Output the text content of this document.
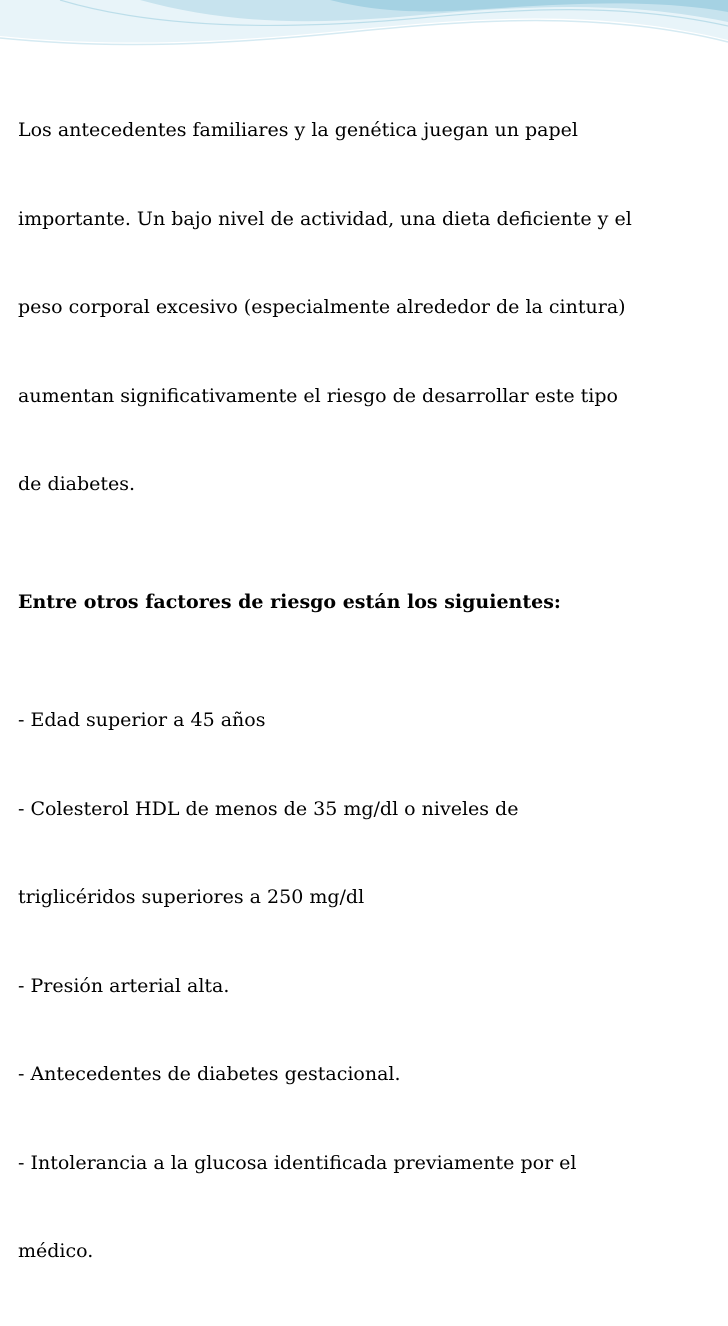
Los antecedentes familiares y la genética juegan un papel

importante. Un bajo nivel de actividad, una dieta deficiente y el

peso corporal excesivo (especialmente alrededor de la cintura)

aumentan significativamente el riesgo de desarrollar este tipo

de diabetes.

Entre otros factores de riesgo están los siguientes:

- Edad superior a 45 años

- Colesterol HDL de menos de 35 mg/dl o niveles de

triglicéridos superiores a 250 mg/dl

- Presión arterial alta.

- Antecedentes de diabetes gestacional.

- Intolerancia a la glucosa identificada previamente por el

médico.
